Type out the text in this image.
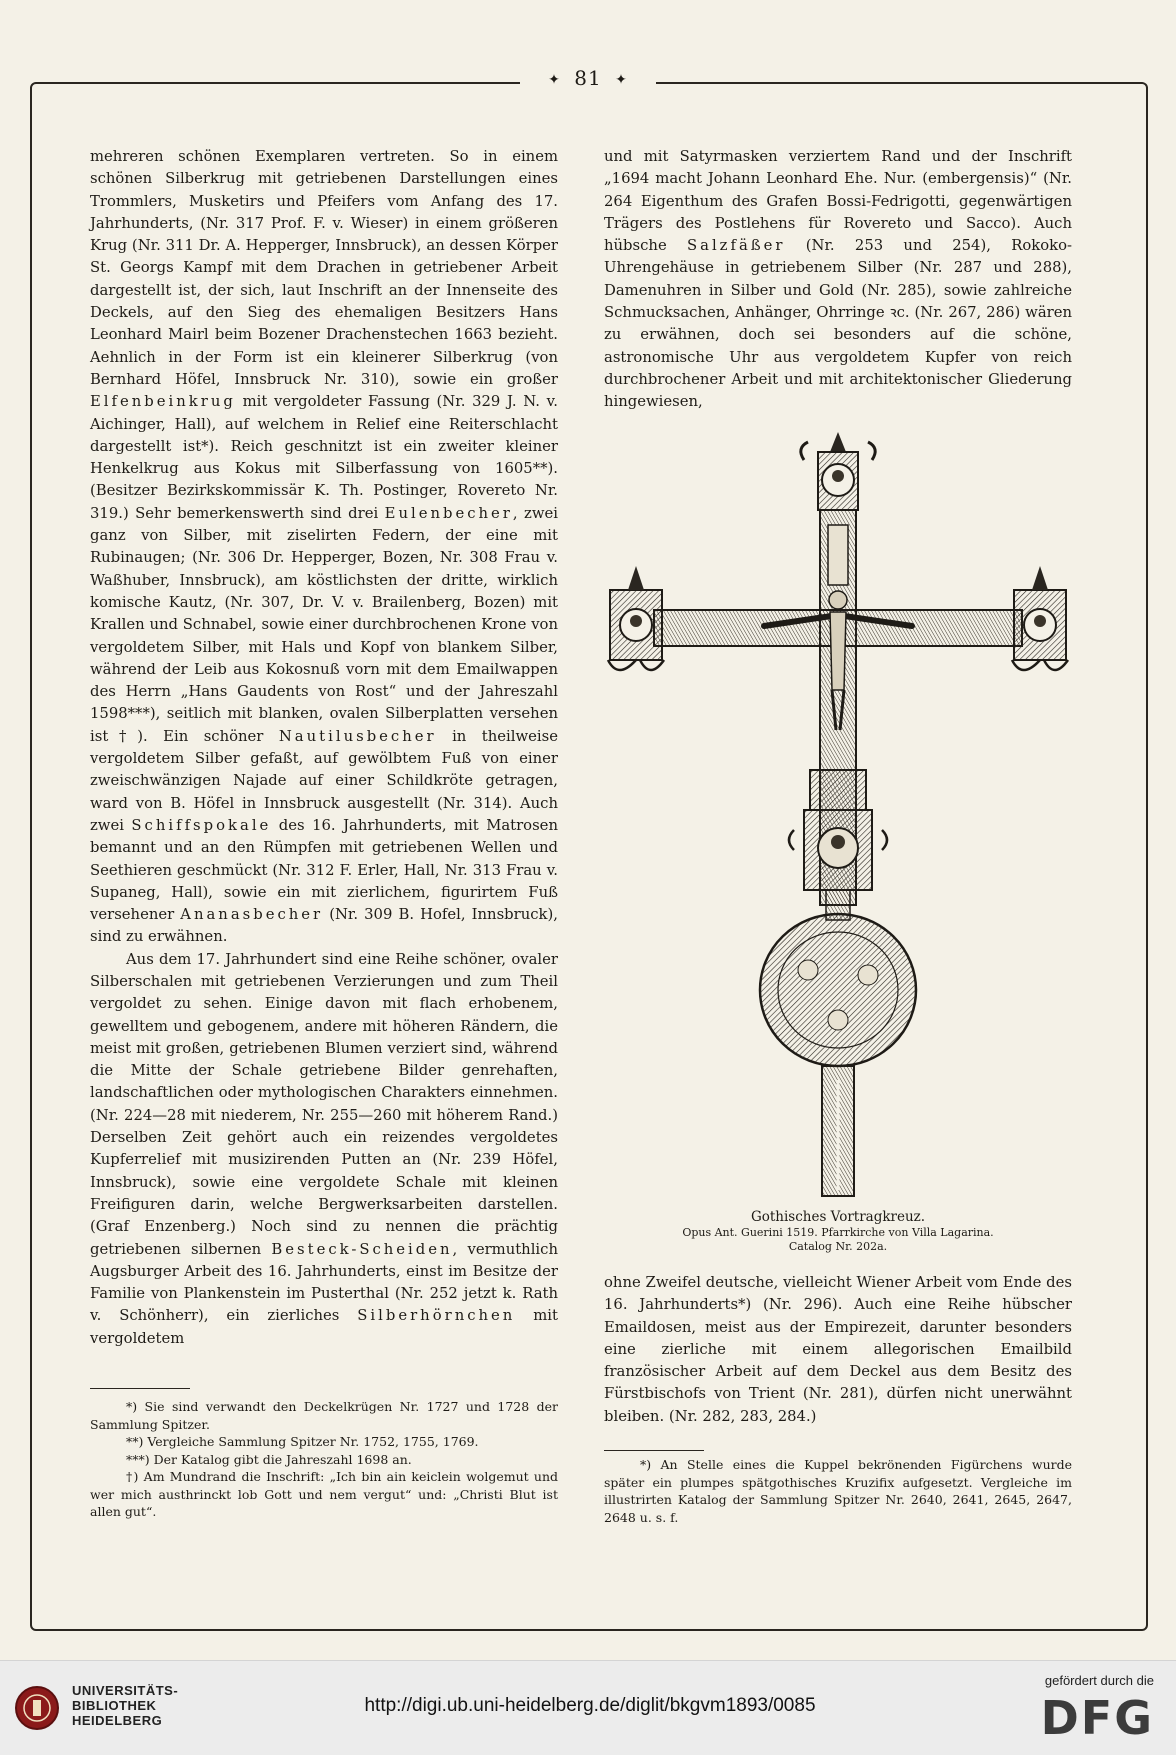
✦ 81 ✦

mehreren schönen Exemplaren vertreten. So in einem schönen Silberkrug mit getriebenen Darstellungen eines Trommlers, Musketirs und Pfeifers vom Anfang des 17. Jahrhunderts, (Nr. 317 Prof. F. v. Wieser) in einem größeren Krug (Nr. 311 Dr. A. Hepperger, Innsbruck), an dessen Körper St. Georgs Kampf mit dem Drachen in getriebener Arbeit dargestellt ist, der sich, laut Inschrift an der Innenseite des Deckels, auf den Sieg des ehemaligen Besitzers Hans Leonhard Mairl beim Bozener Drachenstechen 1663 bezieht. Aehnlich in der Form ist ein kleinerer Silberkrug (von Bernhard Höfel, Innsbruck Nr. 310), sowie ein großer Elfenbeinkrug mit vergoldeter Fassung (Nr. 329 J. N. v. Aichinger, Hall), auf welchem in Relief eine Reiterschlacht dargestellt ist*). Reich geschnitzt ist ein zweiter kleiner Henkelkrug aus Kokus mit Silberfassung von 1605**). (Besitzer Bezirkskommissär K. Th. Postinger, Rovereto Nr. 319.) Sehr bemerkenswerth sind drei Eulenbecher, zwei ganz von Silber, mit ziselirten Federn, der eine mit Rubinaugen; (Nr. 306 Dr. Hepperger, Bozen, Nr. 308 Frau v. Waßhuber, Innsbruck), am köstlichsten der dritte, wirklich komische Kautz, (Nr. 307, Dr. V. v. Brailenberg, Bozen) mit Krallen und Schnabel, sowie einer durchbrochenen Krone von vergoldetem Silber, mit Hals und Kopf von blankem Silber, während der Leib aus Kokosnuß vorn mit dem Emailwappen des Herrn „Hans Gaudents von Rost“ und der Jahreszahl 1598***), seitlich mit blanken, ovalen Silberplatten versehen ist†). Ein schöner Nautilusbecher in theilweise vergoldetem Silber gefaßt, auf gewölbtem Fuß von einer zweischwänzigen Najade auf einer Schildkröte getragen, ward von B. Höfel in Innsbruck ausgestellt (Nr. 314). Auch zwei Schiffspokale des 16. Jahrhunderts, mit Matrosen bemannt und an den Rümpfen mit getriebenen Wellen und Seethieren geschmückt (Nr. 312 F. Erler, Hall, Nr. 313 Frau v. Supaneg, Hall), sowie ein mit zierlichem, figurirtem Fuß versehener Ananasbecher (Nr. 309 B. Hofel, Innsbruck), sind zu erwähnen.

Aus dem 17. Jahrhundert sind eine Reihe schöner, ovaler Silberschalen mit getriebenen Verzierungen und zum Theil vergoldet zu sehen. Einige davon mit flach erhobenem, gewelltem und gebogenem, andere mit höheren Rändern, die meist mit großen, getriebenen Blumen verziert sind, während die Mitte der Schale getriebene Bilder genrehaften, landschaftlichen oder mythologischen Charakters einnehmen. (Nr. 224—28 mit niederem, Nr. 255—260 mit höherem Rand.) Derselben Zeit gehört auch ein reizendes vergoldetes Kupferrelief mit musizirenden Putten an (Nr. 239 Höfel, Innsbruck), sowie eine vergoldete Schale mit kleinen Freifiguren darin, welche Bergwerksarbeiten darstellen. (Graf Enzenberg.) Noch sind zu nennen die prächtig getriebenen silbernen Besteck-Scheiden, vermuthlich Augsburger Arbeit des 16. Jahrhunderts, einst im Besitze der Familie von Plankenstein im Pusterthal (Nr. 252 jetzt k. Rath v. Schönherr), ein zierliches Silberhörnchen mit vergoldetem

*) Sie sind verwandt den Deckelkrügen Nr. 1727 und 1728 der Sammlung Spitzer.

**) Vergleiche Sammlung Spitzer Nr. 1752, 1755, 1769.

***) Der Katalog gibt die Jahreszahl 1698 an.

†) Am Mundrand die Inschrift: „Ich bin ain keiclein wolgemut und wer mich austhrinckt lob Gott und nem vergut“ und: „Christi Blut ist allen gut“.

und mit Satyrmasken verziertem Rand und der Inschrift „1694 macht Johann Leonhard Ehe. Nur. (embergensis)“ (Nr. 264 Eigenthum des Grafen Bossi-Fedrigotti, gegenwärtigen Trägers des Postlehens für Rovereto und Sacco). Auch hübsche Salzfäßer (Nr. 253 und 254), Rokoko-Uhrengehäuse in getriebenem Silber (Nr. 287 und 288), Damenuhren in Silber und Gold (Nr. 285), sowie zahlreiche Schmucksachen, Anhänger, Ohrringe ꝛc. (Nr. 267, 286) wären zu erwähnen, doch sei besonders auf die schöne, astronomische Uhr aus vergoldetem Kupfer von reich durchbrochener Arbeit und mit architektonischer Gliederung hingewiesen,

Gothisches Vortragkreuz.
Opus Ant. Guerini 1519. Pfarrkirche von Villa Lagarina.
Catalog Nr. 202a.

ohne Zweifel deutsche, vielleicht Wiener Arbeit vom Ende des 16. Jahrhunderts*) (Nr. 296). Auch eine Reihe hübscher Emaildosen, meist aus der Empirezeit, darunter besonders eine zierliche mit einem allegorischen Emailbild französischer Arbeit auf dem Deckel aus dem Besitz des Fürstbischofs von Trient (Nr. 281), dürfen nicht unerwähnt bleiben. (Nr. 282, 283, 284.)

*) An Stelle eines die Kuppel bekrönenden Figürchens wurde später ein plumpes spätgothisches Kruzifix aufgesetzt. Vergleiche im illustrirten Katalog der Sammlung Spitzer Nr. 2640, 2641, 2645, 2647, 2648 u. s. f.

UNIVERSITÄTS-
BIBLIOTHEK
HEIDELBERG
http://digi.ub.uni-heidelberg.de/diglit/bkgvm1893/0085
gefördert durch die
DFG
